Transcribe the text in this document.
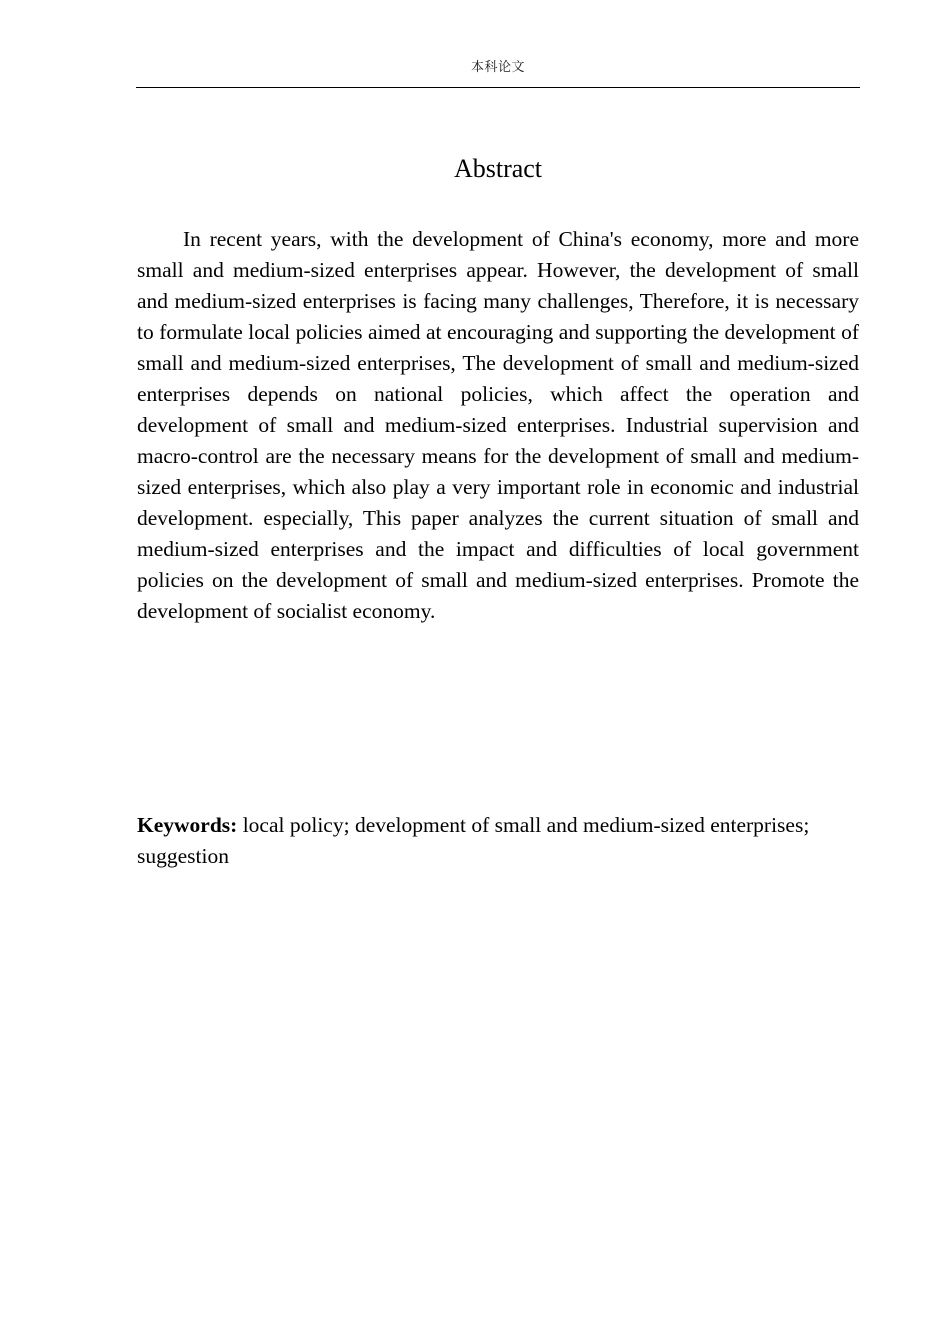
本科论文
Abstract
In recent years, with the development of China's economy, more and more small and medium-sized enterprises appear. However, the development of small and medium-sized enterprises is facing many challenges, Therefore, it is necessary to formulate local policies aimed at encouraging and supporting the development of small and medium-sized enterprises, The development of small and medium-sized enterprises depends on national policies, which affect the operation and development of small and medium-sized enterprises. Industrial supervision and macro-control are the necessary means for the development of small and medium-sized enterprises, which also play a very important role in economic and industrial development. especially, This paper analyzes the current situation of small and medium-sized enterprises and the impact and difficulties of local government policies on the development of small and medium-sized enterprises. Promote the development of socialist economy.
Keywords: local policy; development of small and medium-sized enterprises; suggestion
